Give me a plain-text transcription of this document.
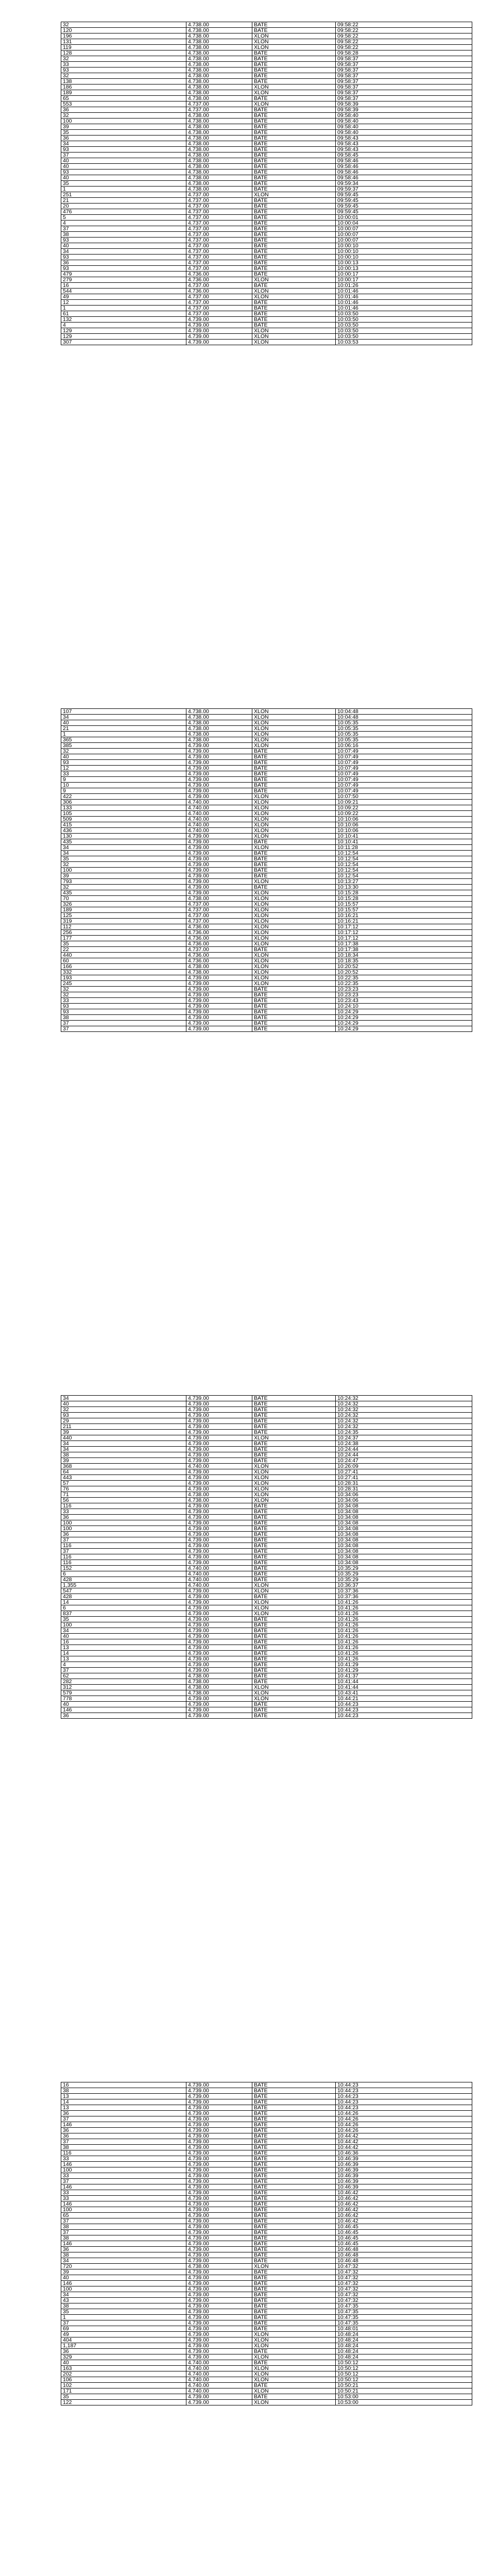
32	4.738.00	BATE	09:58:22
120	4.738.00	BATE	09:58:22
196	4.738.00	XLON	09:58:22
131	4.738.00	XLON	09:58:22
119	4.738.00	XLON	09:58:22
128	4.738.00	BATE	09:58:28
32	4.738.00	BATE	09:58:37
33	4.738.00	BATE	09:58:37
93	4.738.00	BATE	09:58:37
32	4.738.00	BATE	09:58:37
138	4.738.00	BATE	09:58:37
186	4.738.00	XLON	09:58:37
189	4.738.00	XLON	09:58:37
65	4.738.00	BATE	09:58:37
553	4.737.00	XLON	09:58:39
36	4.737.00	BATE	09:58:39
32	4.738.00	BATE	09:58:40
100	4.738.00	BATE	09:58:40
39	4.738.00	BATE	09:58:40
35	4.738.00	BATE	09:58:40
36	4.738.00	BATE	09:58:43
34	4.738.00	BATE	09:58:43
93	4.738.00	BATE	09:58:43
37	4.738.00	BATE	09:58:45
40	4.738.00	BATE	09:58:46
40	4.738.00	BATE	09:58:46
93	4.738.00	BATE	09:58:46
40	4.738.00	BATE	09:58:46
35	4.738.00	BATE	09:59:34
1	4.738.00	BATE	09:59:37
251	4.737.00	XLON	09:59:45
21	4.737.00	BATE	09:59:45
20	4.737.00	BATE	09:59:45
476	4.737.00	BATE	09:59:45
5	4.737.00	BATE	10:00:01
4	4.737.00	BATE	10:00:04
37	4.737.00	BATE	10:00:07
38	4.737.00	BATE	10:00:07
93	4.737.00	BATE	10:00:07
40	4.737.00	BATE	10:00:10
34	4.737.00	BATE	10:00:10
93	4.737.00	BATE	10:00:10
36	4.737.00	BATE	10:00:13
93	4.737.00	BATE	10:00:13
479	4.736.00	BATE	10:00:17
279	4.736.00	XLON	10:00:17
16	4.737.00	BATE	10:01:26
544	4.736.00	XLON	10:01:46
49	4.737.00	XLON	10:01:46
12	4.737.00	BATE	10:01:46
1	4.737.00	BATE	10:01:46
61	4.737.00	BATE	10:03:50
132	4.739.00	BATE	10:03:50
4	4.739.00	BATE	10:03:50
129	4.739.00	XLON	10:03:50
129	4.739.00	XLON	10:03:50
307	4.739.00	XLON	10:03:53
107	4.738.00	XLON	10:04:48
34	4.738.00	XLON	10:04:48
40	4.738.00	XLON	10:05:35
21	4.738.00	XLON	10:05:35
1	4.738.00	XLON	10:05:35
365	4.738.00	XLON	10:05:35
385	4.739.00	XLON	10:06:16
32	4.739.00	BATE	10:07:49
40	4.739.00	BATE	10:07:49
93	4.739.00	BATE	10:07:49
12	4.739.00	BATE	10:07:49
33	4.739.00	BATE	10:07:49
9	4.739.00	BATE	10:07:49
10	4.739.00	BATE	10:07:49
9	4.739.00	BATE	10:07:49
422	4.739.00	XLON	10:07:50
306	4.740.00	XLON	10:09:21
133	4.740.00	XLON	10:09:22
105	4.740.00	XLON	10:09:22
509	4.740.00	XLON	10:10:06
415	4.740.00	XLON	10:10:06
436	4.740.00	XLON	10:10:06
130	4.739.00	XLON	10:10:41
435	4.739.00	BATE	10:10:41
34	4.739.00	XLON	10:11:28
34	4.739.00	BATE	10:12:54
35	4.739.00	BATE	10:12:54
32	4.739.00	BATE	10:12:54
100	4.739.00	BATE	10:12:54
39	4.739.00	BATE	10:12:54
793	4.739.00	XLON	10:13:27
32	4.739.00	BATE	10:13:30
435	4.739.00	XLON	10:15:28
70	4.738.00	XLON	10:15:28
326	4.737.00	XLON	10:15:57
189	4.737.00	XLON	10:15:57
125	4.737.00	XLON	10:16:21
319	4.737.00	XLON	10:16:21
112	4.736.00	XLON	10:17:12
256	4.736.00	XLON	10:17:12
177	4.736.00	XLON	10:17:12
35	4.736.00	XLON	10:17:38
22	4.737.00	BATE	10:17:38
440	4.736.00	XLON	10:18:34
60	4.736.00	XLON	10:18:35
166	4.738.00	XLON	10:20:52
332	4.738.00	XLON	10:20:52
193	4.739.00	XLON	10:22:35
245	4.739.00	XLON	10:22:35
32	4.739.00	BATE	10:23:23
32	4.739.00	BATE	10:23:23
33	4.739.00	BATE	10:23:43
93	4.739.00	BATE	10:24:10
93	4.739.00	BATE	10:24:29
38	4.739.00	BATE	10:24:29
37	4.739.00	BATE	10:24:29
37	4.739.00	BATE	10:24:29
34	4.739.00	BATE	10:24:32
40	4.739.00	BATE	10:24:32
32	4.739.00	BATE	10:24:32
93	4.739.00	BATE	10:24:32
29	4.739.00	BATE	10:24:32
211	4.739.00	BATE	10:24:32
39	4.739.00	BATE	10:24:35
440	4.739.00	XLON	10:24:37
34	4.739.00	BATE	10:24:38
34	4.739.00	BATE	10:24:44
38	4.739.00	BATE	10:24:44
39	4.739.00	BATE	10:24:47
368	4.740.00	XLON	10:26:09
64	4.739.00	XLON	10:27:41
443	4.739.00	XLON	10:27:41
57	4.739.00	XLON	10:28:31
76	4.739.00	XLON	10:28:31
71	4.738.00	XLON	10:34:06
56	4.738.00	XLON	10:34:06
116	4.739.00	BATE	10:34:08
33	4.739.00	BATE	10:34:08
36	4.739.00	BATE	10:34:08
100	4.739.00	BATE	10:34:08
100	4.739.00	BATE	10:34:08
36	4.739.00	BATE	10:34:08
37	4.739.00	BATE	10:34:08
116	4.739.00	BATE	10:34:08
37	4.739.00	BATE	10:34:08
116	4.739.00	BATE	10:34:08
116	4.739.00	BATE	10:34:08
152	4.740.00	BATE	10:35:29
6	4.740.00	BATE	10:35:29
428	4.740.00	BATE	10:35:29
1,355	4.740.00	XLON	10:36:37
547	4.739.00	XLON	10:37:36
428	4.739.00	BATE	10:37:36
14	4.739.00	XLON	10:41:26
6	4.739.00	XLON	10:41:26
837	4.739.00	XLON	10:41:26
35	4.739.00	BATE	10:41:26
100	4.739.00	BATE	10:41:26
34	4.739.00	BATE	10:41:26
40	4.739.00	BATE	10:41:26
16	4.739.00	BATE	10:41:26
13	4.739.00	BATE	10:41:26
14	4.739.00	BATE	10:41:26
13	4.739.00	BATE	10:41:26
4	4.739.00	BATE	10:41:29
37	4.739.00	BATE	10:41:29
62	4.738.00	BATE	10:41:37
282	4.738.00	BATE	10:41:44
312	4.738.00	XLON	10:41:44
579	4.738.00	XLON	10:43:41
778	4.739.00	XLON	10:44:21
40	4.739.00	BATE	10:44:23
146	4.739.00	BATE	10:44:23
36	4.739.00	BATE	10:44:23
16	4.739.00	BATE	10:44:23
38	4.739.00	BATE	10:44:23
13	4.739.00	BATE	10:44:23
14	4.739.00	BATE	10:44:23
13	4.739.00	BATE	10:44:23
36	4.739.00	BATE	10:44:26
37	4.739.00	BATE	10:44:26
146	4.739.00	BATE	10:44:26
36	4.739.00	BATE	10:44:26
36	4.739.00	BATE	10:44:42
37	4.739.00	BATE	10:44:42
38	4.739.00	BATE	10:44:42
116	4.739.00	BATE	10:46:36
33	4.739.00	BATE	10:46:39
146	4.739.00	BATE	10:46:39
100	4.739.00	BATE	10:46:39
33	4.739.00	BATE	10:46:39
37	4.739.00	BATE	10:46:39
146	4.739.00	BATE	10:46:39
33	4.739.00	BATE	10:46:42
33	4.739.00	BATE	10:46:42
146	4.739.00	BATE	10:46:42
100	4.739.00	BATE	10:46:42
65	4.739.00	BATE	10:46:42
37	4.739.00	BATE	10:46:42
38	4.739.00	BATE	10:46:45
37	4.739.00	BATE	10:46:45
38	4.739.00	BATE	10:46:45
146	4.739.00	BATE	10:46:45
36	4.739.00	BATE	10:46:48
38	4.739.00	BATE	10:46:48
34	4.739.00	BATE	10:46:48
720	4.738.00	XLON	10:47:32
39	4.739.00	BATE	10:47:32
40	4.739.00	BATE	10:47:32
146	4.739.00	BATE	10:47:32
100	4.739.00	BATE	10:47:32
34	4.739.00	BATE	10:47:32
43	4.739.00	BATE	10:47:32
38	4.739.00	BATE	10:47:35
35	4.739.00	BATE	10:47:35
1	4.739.00	BATE	10:47:35
37	4.739.00	BATE	10:47:35
69	4.739.00	BATE	10:48:01
49	4.739.00	XLON	10:48:24
404	4.739.00	XLON	10:48:24
1,187	4.739.00	XLON	10:48:24
36	4.739.00	BATE	10:48:24
329	4.739.00	XLON	10:48:24
40	4.740.00	BATE	10:50:12
163	4.740.00	XLON	10:50:12
202	4.740.00	XLON	10:50:12
106	4.740.00	XLON	10:50:12
102	4.740.00	BATE	10:50:21
171	4.740.00	XLON	10:50:21
35	4.739.00	BATE	10:53:00
122	4.739.00	XLON	10:53:00
